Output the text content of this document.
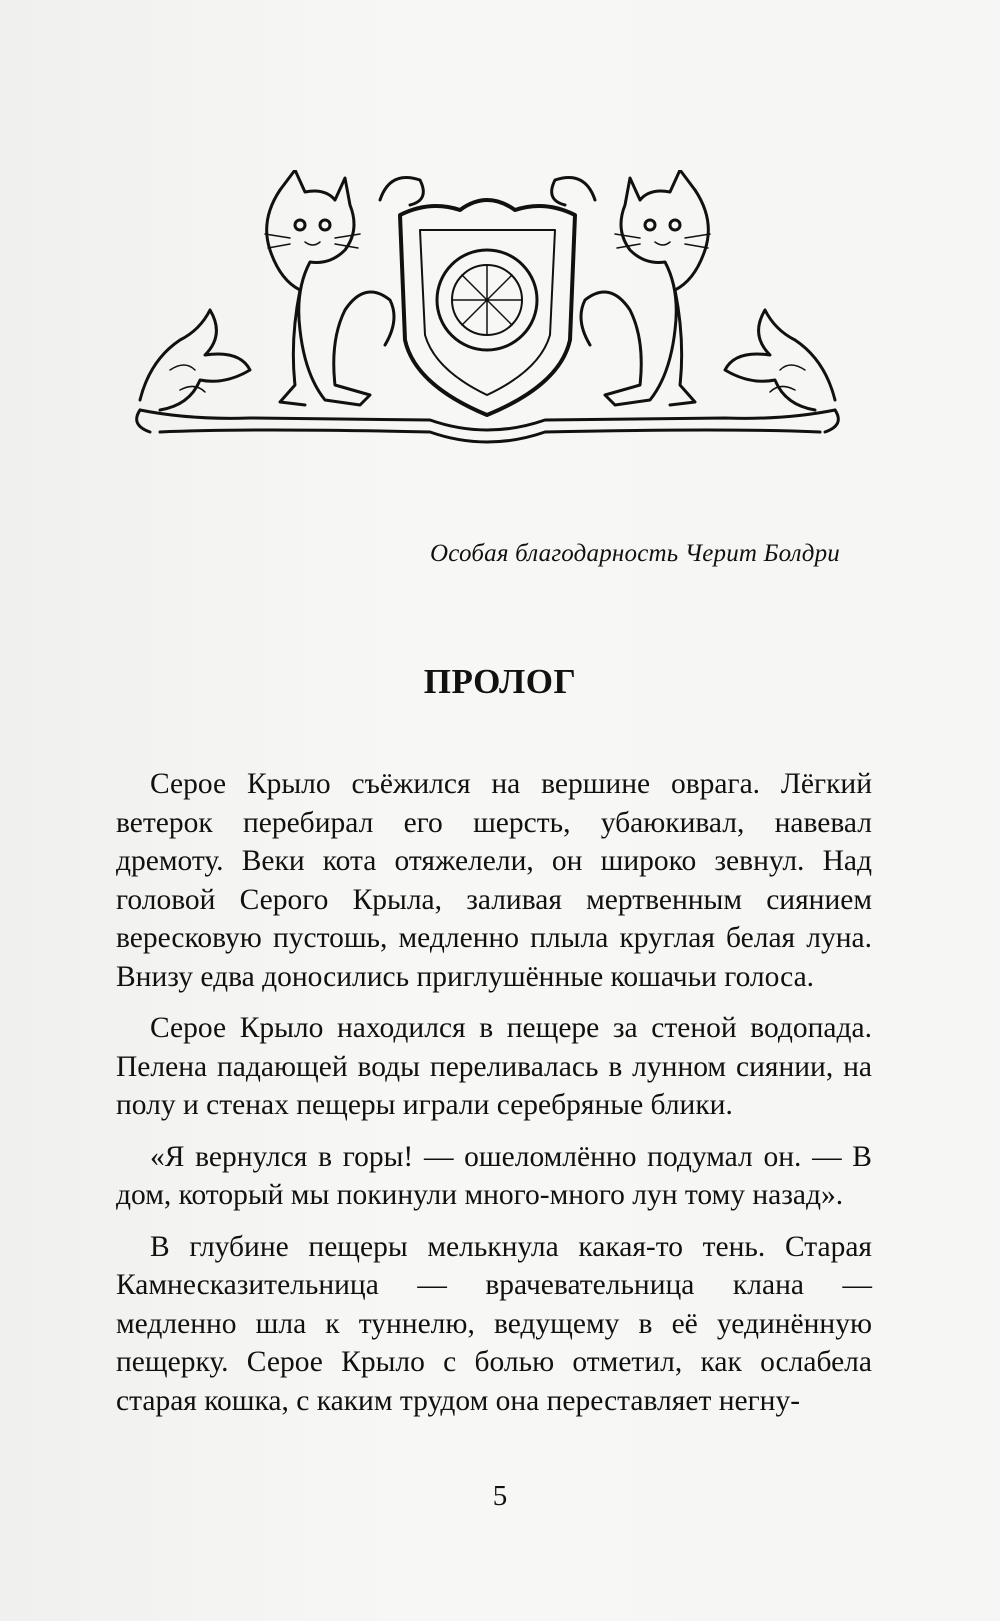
Особая благодарность Черит Болдри
ПРОЛОГ

Серое Крыло съёжился на вершине оврага. Лёгкий ветерок перебирал его шерсть, убаюкивал, навевал дремоту. Веки кота отяжелели, он широко зевнул. Над головой Серого Крыла, заливая мертвенным сиянием вересковую пустошь, медленно плыла круглая белая луна. Внизу едва доносились приглушённые кошачьи голоса.

Серое Крыло находился в пещере за стеной водопада. Пелена падающей воды переливалась в лунном сиянии, на полу и стенах пещеры играли серебряные блики.

«Я вернулся в горы! — ошеломлённо подумал он. — В дом, который мы покинули много-много лун тому назад».

В глубине пещеры мелькнула какая-то тень. Старая Камнесказительница — врачевательница клана — медленно шла к туннелю, ведущему в её уединённую пещерку. Серое Крыло с болью отметил, как ослабела старая кошка, с каким трудом она переставляет негну-

5
